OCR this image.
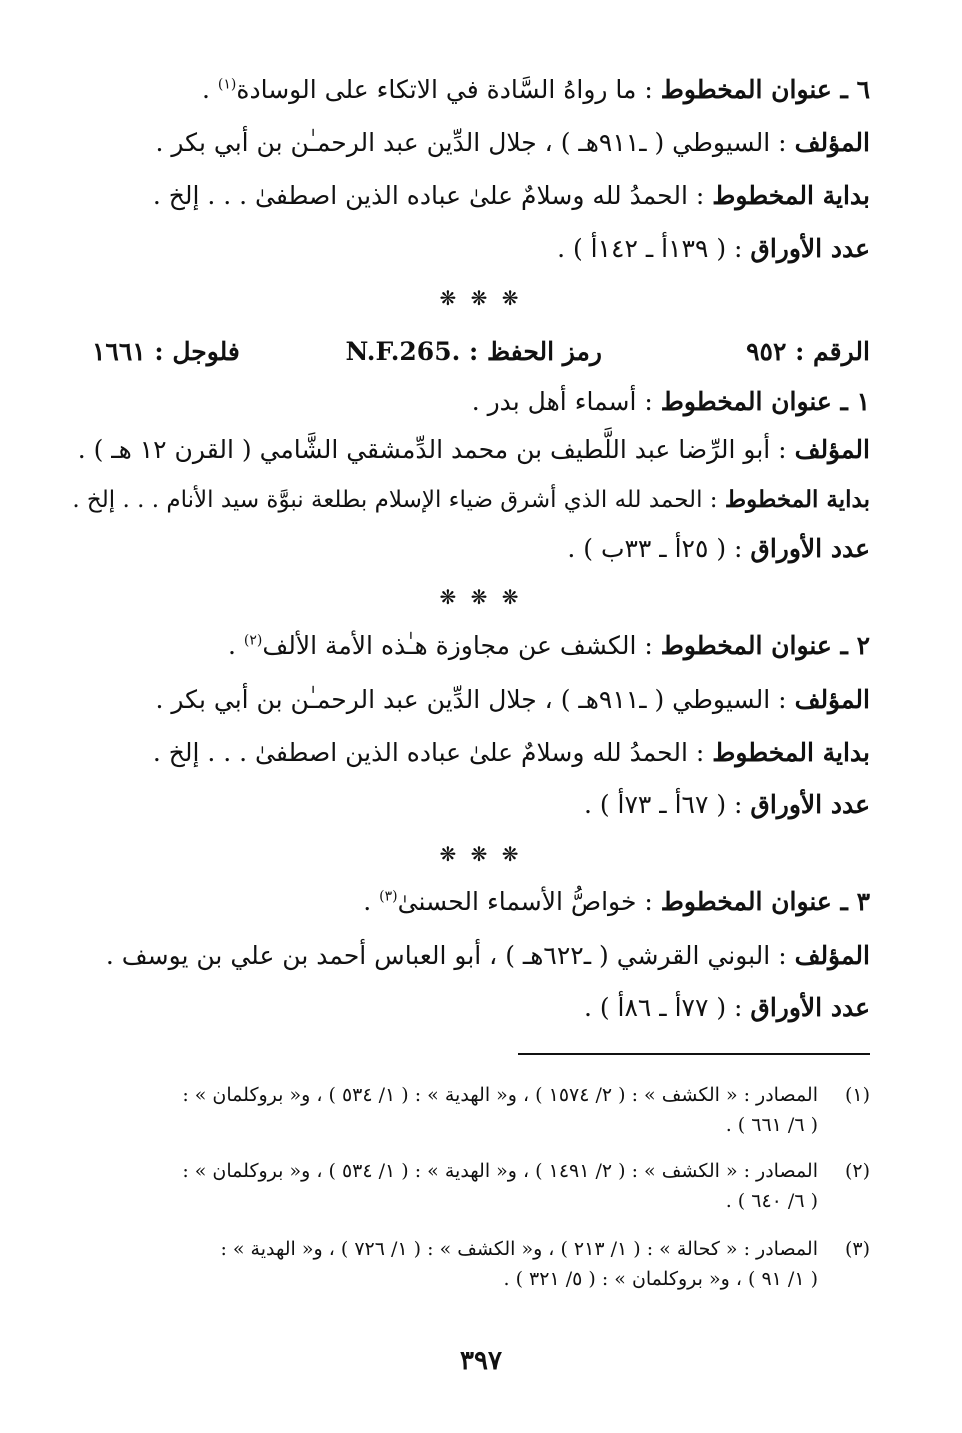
٦ ـ عنوان المخطوط : ما رواهُ السَّادة في الاتكاء على الوسادة$^{(١)}$ .
المؤلف : السيوطي ( ـ٩١١هـ ) ، جلال الدِّين عبد الرحمـٰن بن أبي بكر .
بداية المخطوط : الحمدُ لله وسلامٌ علىٰ عباده الذين اصطفىٰ . . . إلخ .
عدد الأوراق : ( ١٣٩أ ـ ١٤٢أ ) .
❋ ❋ ❋
الرقم : ٩٥٢
رمز الحفظ : .N.F.265
فلوجل : ١٦٦١
١ ـ عنوان المخطوط : أسماء أهل بدر .
المؤلف : أبو الرِّضا عبد اللَّطيف بن محمد الدِّمشقي الشَّامي ( القرن ١٢ هـ ) .
بداية المخطوط : الحمد لله الذي أشرق ضياء الإسلام بطلعة نبوَّة سيد الأنام . . . إلخ .
عدد الأوراق : ( ٢٥أ ـ ٣٣ب ) .
❋ ❋ ❋
٢ ـ عنوان المخطوط : الكشف عن مجاوزة هـٰذه الأمة الألف$^{(٢)}$ .
المؤلف : السيوطي ( ـ٩١١هـ ) ، جلال الدِّين عبد الرحمـٰن بن أبي بكر .
بداية المخطوط : الحمدُ لله وسلامٌ علىٰ عباده الذين اصطفىٰ . . . إلخ .
عدد الأوراق : ( ٦٧أ ـ ٧٣أ ) .
❋ ❋ ❋
٣ ـ عنوان المخطوط : خواصُّ الأسماء الحسنىٰ$^{(٣)}$ .
المؤلف : البوني القرشي ( ـ٦٢٢هـ ) ، أبو العباس أحمد بن علي بن يوسف .
عدد الأوراق : ( ٧٧أ ـ ٨٦أ ) .
(١)
المصادر : « الكشف » : ( ٢/ ١٥٧٤ ) ، و« الهدية » : ( ١/ ٥٣٤ ) ، و« بروكلمان » :
( ٦/ ٦٦١ ) .
(٢)
المصادر : « الكشف » : ( ٢/ ١٤٩١ ) ، و« الهدية » : ( ١/ ٥٣٤ ) ، و« بروكلمان » :
( ٦/ ٦٤٠ ) .
(٣)
المصادر : « كحالة » : ( ١/ ٢١٣ ) ، و« الكشف » : ( ١/ ٧٢٦ ) ، و« الهدية » :
( ١/ ٩١ ) ، و« بروكلمان » : ( ٥/ ٣٢١ ) .
٣٩٧
